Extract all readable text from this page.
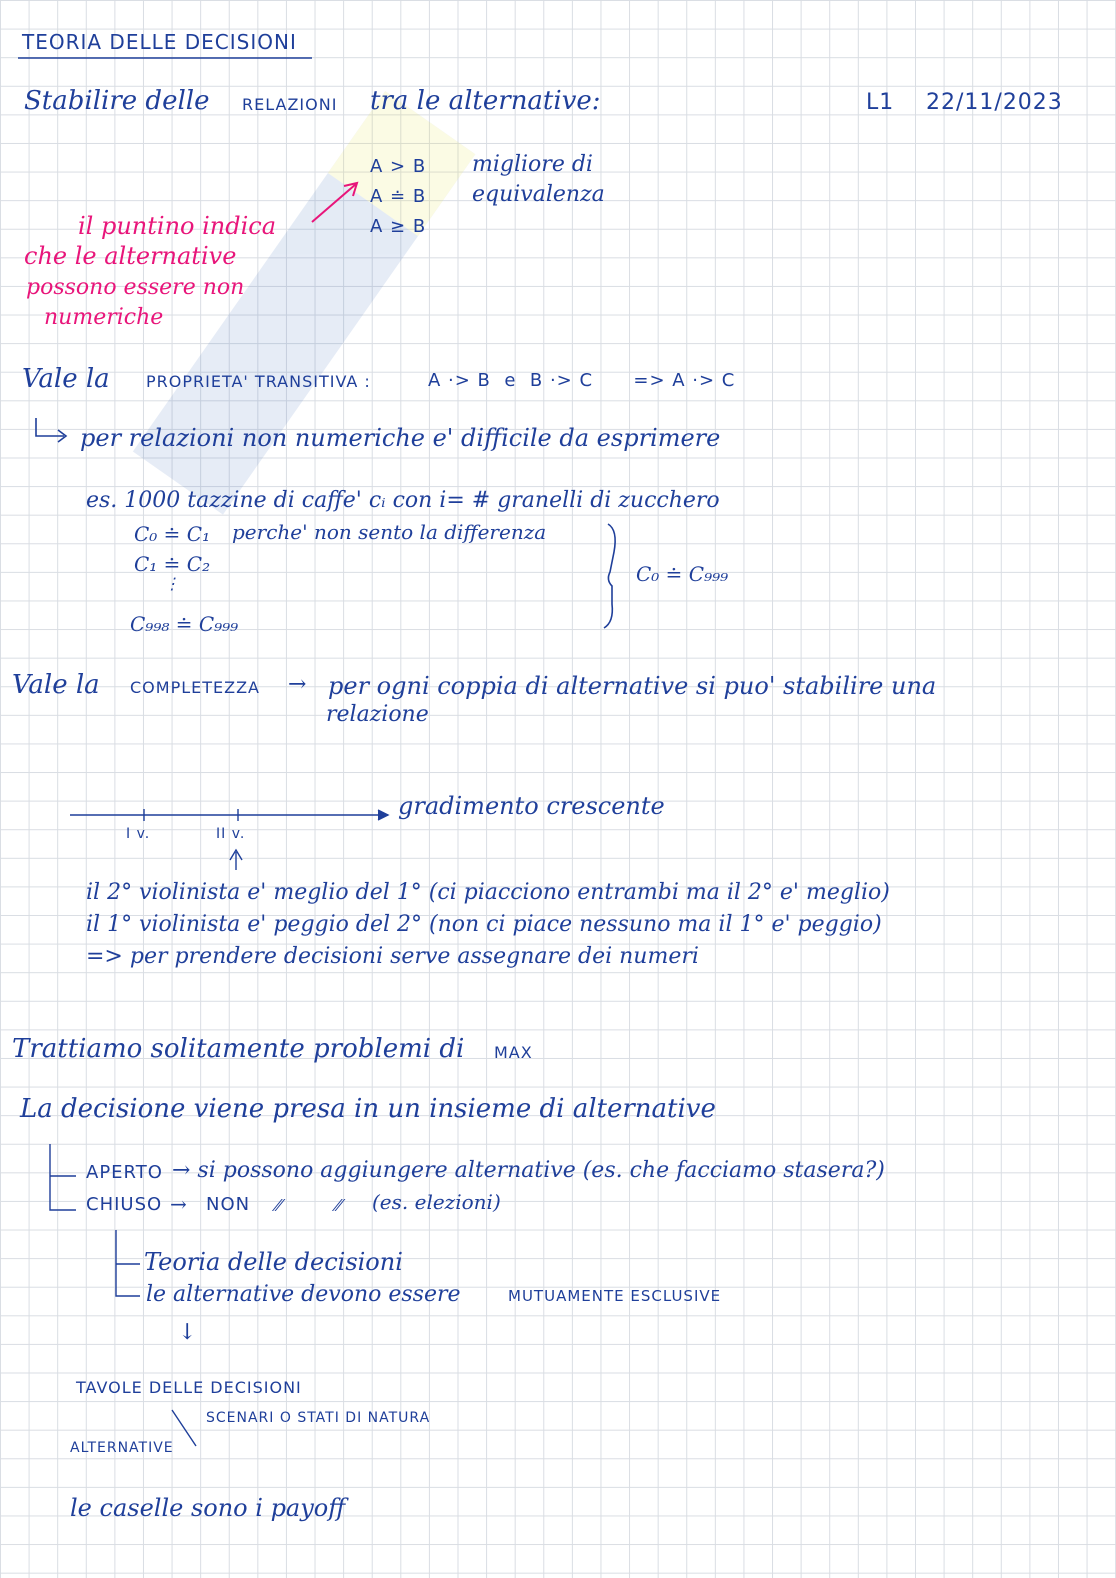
TEORIA DELLE DECISIONI
Stabilire delle RELAZIONI tra le alternative:	L1 22/11/2023
A > B migliore di
A ≐ B equivalenza
A ≥ B
il puntino indica
che le alternative
possono essere non
numeriche
Vale la PROPRIETA' TRANSITIVA :	A ·> B  e  B ·> C      => A ·> C
per relazioni non numeriche e' difficile da esprimere
es. 1000 tazzine di caffe' cᵢ con i= # granelli di zucchero
C₀ ≐ C₁ perche' non sento la differenza
C₁ ≐ C₂
⋮
C₉₉₈ ≐ C₉₉₉
C₀ ≐ C₉₉₉
Vale la COMPLETEZZA → per ogni coppia di alternative si puo' stabilire una
relazione
gradimento crescente
I v.	II v.
il 2° violinista e' meglio del 1° (ci piacciono entrambi ma il 2° e' meglio)
il 1° violinista e' peggio del 2° (non ci piace nessuno ma il 1° e' peggio)
=> per prendere decisioni serve assegnare dei numeri
Trattiamo solitamente problemi di MAX
La decisione viene presa in un insieme di alternative
APERTO → si possono aggiungere alternative (es. che facciamo stasera?)
CHIUSO → NON ⁄⁄	⁄⁄ (es. elezioni)
Teoria delle decisioni
le alternative devono essere	MUTUAMENTE ESCLUSIVE
↓
TAVOLE DELLE DECISIONI
SCENARI O STATI DI NATURA
ALTERNATIVE
le caselle sono i payoff
